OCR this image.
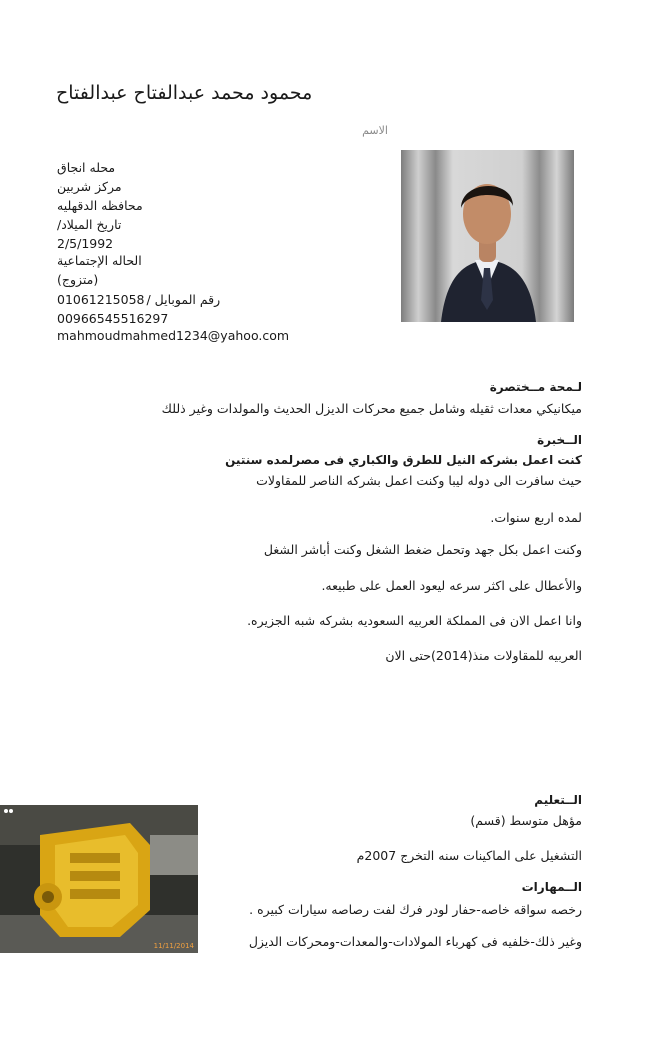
محمود محمد عبدالفتاح عبدالفتاح
الاسم
محله انجاق
مركز شربين
محافظه الدقهليه
تاريخ الميلاد/
2/5/1992
الحاله الإجتماعية
(متزوج)
01061215058 رقم الموبايل /
00966545516297
mahmoudmahmed1234@yahoo.com
لـمحة مــختصرة
ميكانيكي معدات ثقيله وشامل جميع محركات الديزل الحديث والمولدات وغير ذللك
الــخبرة
كنت اعمل بشركه النيل للطرق والكباري فى مصرلمده سنتين
حيث سافرت الى دوله ليبا وكنت اعمل بشركه الناصر للمقاولات
لمده اربع سنوات.
وكنت اعمل بكل جهد وتحمل ضغط الشغل وكنت أباشر الشغل
والأعطال على اكثر سرعه ليعود العمل على طبيعه.
وانا اعمل الان فى المملكة العربيه السعوديه بشركه شبه الجزيره.
العربيه للمقاولات منذ(2014)حتى الان
11/11/2014
الــتعليم
مؤهل متوسط (قسم)
التشغيل على الماكينات سنه التخرج 2007م
الــمهارات
رخصه سواقه خاصه-حفار لودر فرك لفت رصاصه سيارات كبيره .
وغير ذلك-خلفيه فى كهرباء المولادات-والمعدات-ومحركات الديزل
